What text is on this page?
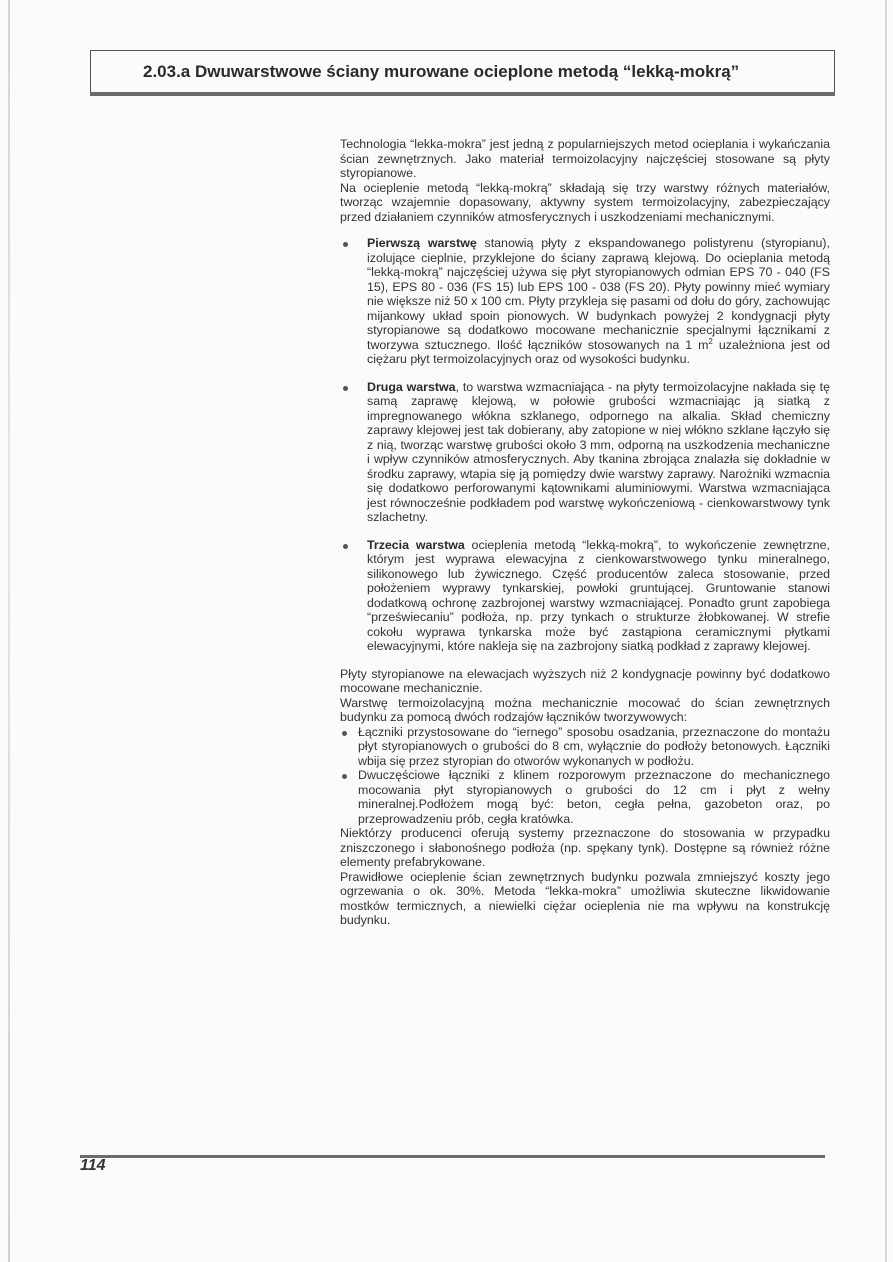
2.03.a Dwuwarstwowe ściany murowane ocieplone metodą “lekką-mokrą”

Technologia “lekka-mokra” jest jedną z popularniejszych metod ocieplania i wykańczania ścian zewnętrznych. Jako materiał termoizolacyjny najczęściej stosowane są płyty styropianowe.

Na ocieplenie metodą “lekką-mokrą” składają się trzy warstwy różnych materiałów, tworząc wzajemnie dopasowany, aktywny system termoizolacyjny, zabezpieczający przed działaniem czynników atmosferycznych i uszkodzeniami mechanicznymi.

Pierwszą warstwę stanowią płyty z ekspandowanego polistyrenu (styropianu), izolujące cieplnie, przyklejone do ściany zaprawą klejową. Do ocieplania metodą “lekką-mokrą” najczęściej używa się płyt styropianowych odmian EPS 70 - 040 (FS 15), EPS 80 - 036 (FS 15) lub EPS 100 - 038 (FS 20). Płyty powinny mieć wymiary nie większe niż 50 x 100 cm. Płyty przykleja się pasami od dołu do góry, zachowując mijankowy układ spoin pionowych. W budynkach powyżej 2 kondygnacji płyty styropianowe są dodatkowo mocowane mechanicznie specjalnymi łącznikami z tworzywa sztucznego. Ilość łączników stosowanych na 1 $m^2$ uzależniona jest od ciężaru płyt termoizolacyjnych oraz od wysokości budynku.
Druga warstwa, to warstwa wzmacniająca - na płyty termoizolacyjne nakłada się tę samą zaprawę klejową, w połowie grubości wzmacniając ją siatką z impregnowanego włókna szklanego, odpornego na alkalia. Skład chemiczny zaprawy klejowej jest tak dobierany, aby zatopione w niej włókno szklane łączyło się z nią, tworząc warstwę grubości około 3 mm, odporną na uszkodzenia mechaniczne i wpływ czynników atmosferycznych. Aby tkanina zbrojąca znalazła się dokładnie w środku zaprawy, wtapia się ją pomiędzy dwie warstwy zaprawy. Narożniki wzmacnia się dodatkowo perforowanymi kątownikami aluminiowymi. Warstwa wzmacniająca jest równocześnie podkładem pod warstwę wykończeniową - cienkowarstwowy tynk szlachetny.
Trzecia warstwa ocieplenia metodą “lekką-mokrą”, to wykończenie zewnętrzne, którym jest wyprawa elewacyjna z cienkowarstwowego tynku mineralnego, silikonowego lub żywicznego. Część producentów zaleca stosowanie, przed położeniem wyprawy tynkarskiej, powłoki gruntującej. Gruntowanie stanowi dodatkową ochronę zazbrojonej warstwy wzmacniającej. Ponadto grunt zapobiega “przeświecaniu” podłoża, np. przy tynkach o strukturze żłobkowanej. W strefie cokołu wyprawa tynkarska może być zastąpiona ceramicznymi płytkami elewacyjnymi, które nakleja się na zazbrojony siatką podkład z zaprawy klejowej.

Płyty styropianowe na elewacjach wyższych niż 2 kondygnacje powinny być dodatkowo mocowane mechanicznie.

Warstwę termoizolacyjną można mechanicznie mocować do ścian zewnętrznych budynku za pomocą dwóch rodzajów łączników tworzywowych:

Łączniki przystosowane do “iernego” sposobu osadzania, przeznaczone do montażu płyt styropianowych o grubości do 8 cm, wyłącznie do podłoży betonowych. Łączniki wbija się przez styropian do otworów wykonanych w podłożu.
Dwuczęściowe łączniki z klinem rozporowym przeznaczone do mechanicznego mocowania płyt styropianowych o grubości do 12 cm i płyt z wełny mineralnej.Podłożem mogą być: beton, cegła pełna, gazobeton oraz, po przeprowadzeniu prób, cegła kratówka.

Niektórzy producenci oferują systemy przeznaczone do stosowania w przypadku zniszczonego i słabonośnego podłoża (np. spękany tynk). Dostępne są również różne elementy prefabrykowane.

Prawidłowe ocieplenie ścian zewnętrznych budynku pozwala zmniejszyć koszty jego ogrzewania o ok. 30%. Metoda “lekka-mokra” umożliwia skuteczne likwidowanie mostków termicznych, a niewielki ciężar ocieplenia nie ma wpływu na konstrukcję budynku.

114
